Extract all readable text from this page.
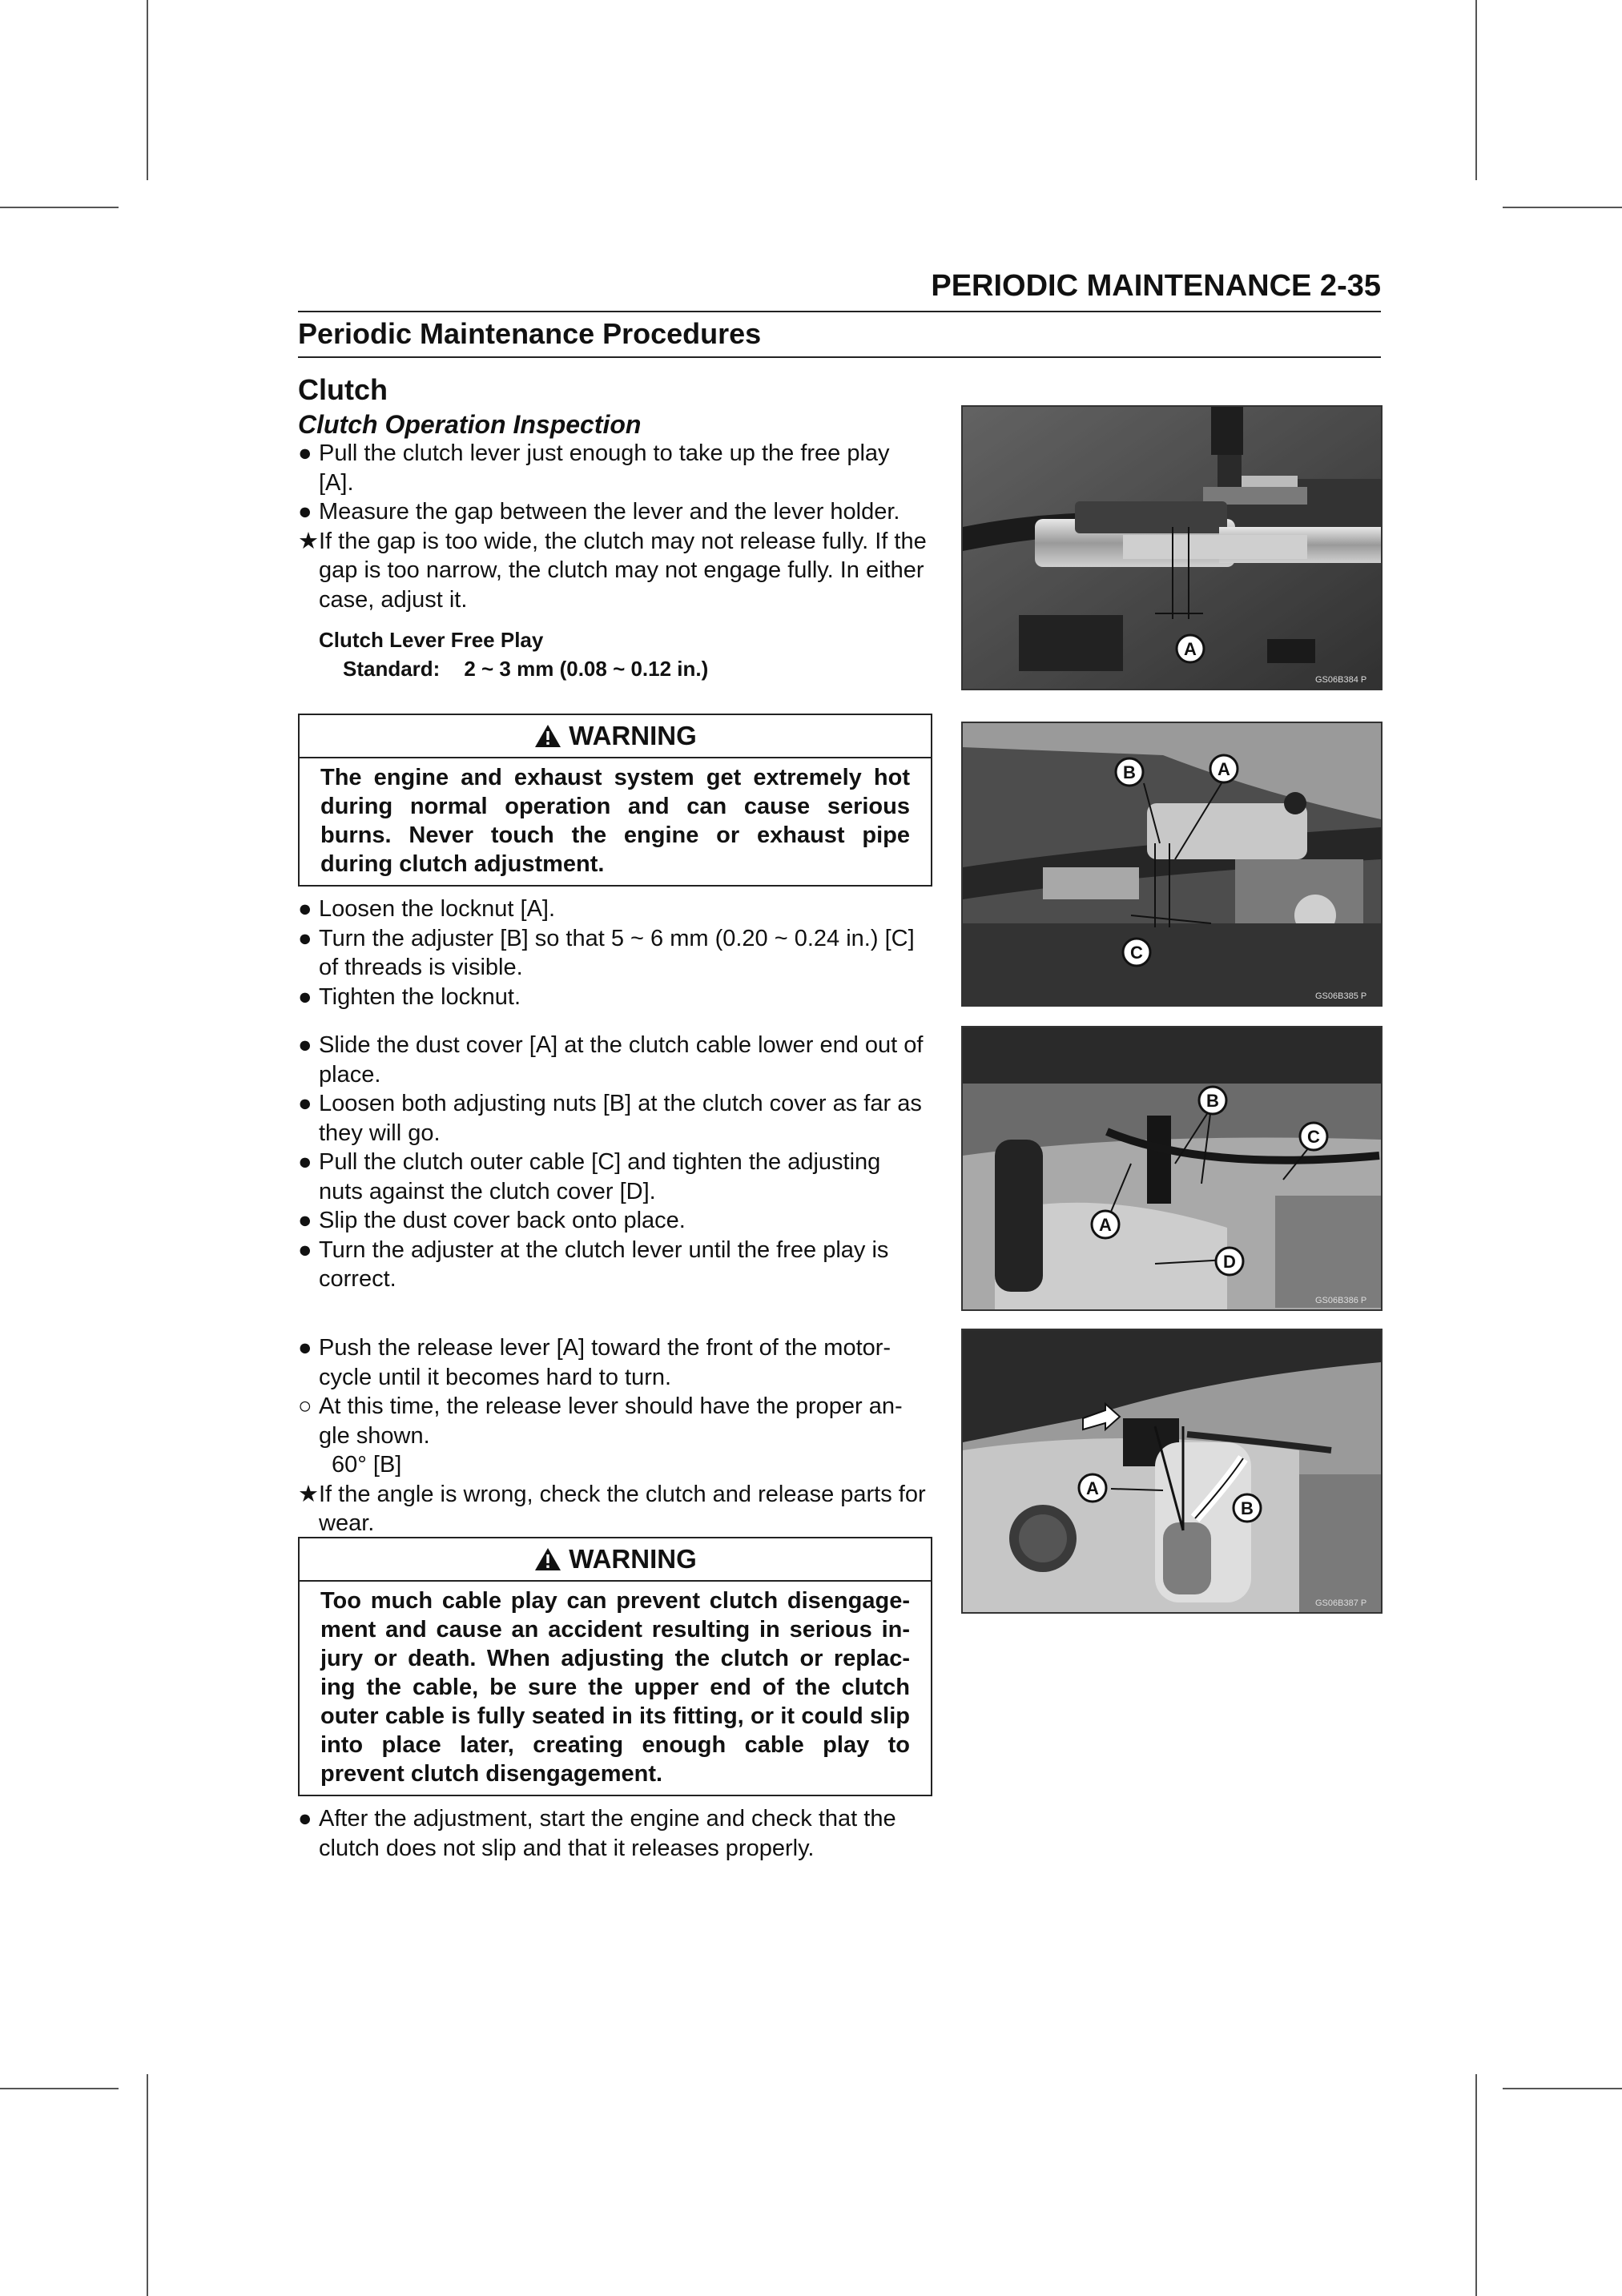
PERIODIC MAINTENANCE 2-35
Periodic Maintenance Procedures
Clutch
Clutch Operation Inspection
● Pull the clutch lever just enough to take up the free play [A].
● Measure the gap between the lever and the lever holder.
★ If the gap is too wide, the clutch may not release fully. If the gap is too narrow, the clutch may not engage fully. In either case, adjust it.
Clutch Lever Free Play
Standard: 2 ~ 3 mm (0.08 ~ 0.12 in.)
WARNING
The engine and exhaust system get extremely hot during normal operation and can cause serious burns. Never touch the engine or exhaust pipe during clutch adjustment.
● Loosen the locknut [A].
● Turn the adjuster [B] so that 5 ~ 6 mm (0.20 ~ 0.24 in.) [C] of threads is visible.
● Tighten the locknut.
● Slide the dust cover [A] at the clutch cable lower end out of place.
● Loosen both adjusting nuts [B] at the clutch cover as far as they will go.
● Pull the clutch outer cable [C] and tighten the adjusting nuts against the clutch cover [D].
● Slip the dust cover back onto place.
● Turn the adjuster at the clutch lever until the free play is correct.
● Push the release lever [A] toward the front of the motor-cycle until it becomes hard to turn.
○ At this time, the release lever should have the proper an-gle shown.
60° [B]
★ If the angle is wrong, check the clutch and release parts for wear.
WARNING
Too much cable play can prevent clutch disengage-ment and cause an accident resulting in serious in-jury or death. When adjusting the clutch or replac-ing the cable, be sure the upper end of the clutch outer cable is fully seated in its fitting, or it could slip into place later, creating enough cable play to prevent clutch disengagement.
● After the adjustment, start the engine and check that the clutch does not slip and that it releases properly.
A
GS06B384 P
B	A
C
GS06B385 P
B
C
A
D
GS06B386 P
A
B
GS06B387 P
